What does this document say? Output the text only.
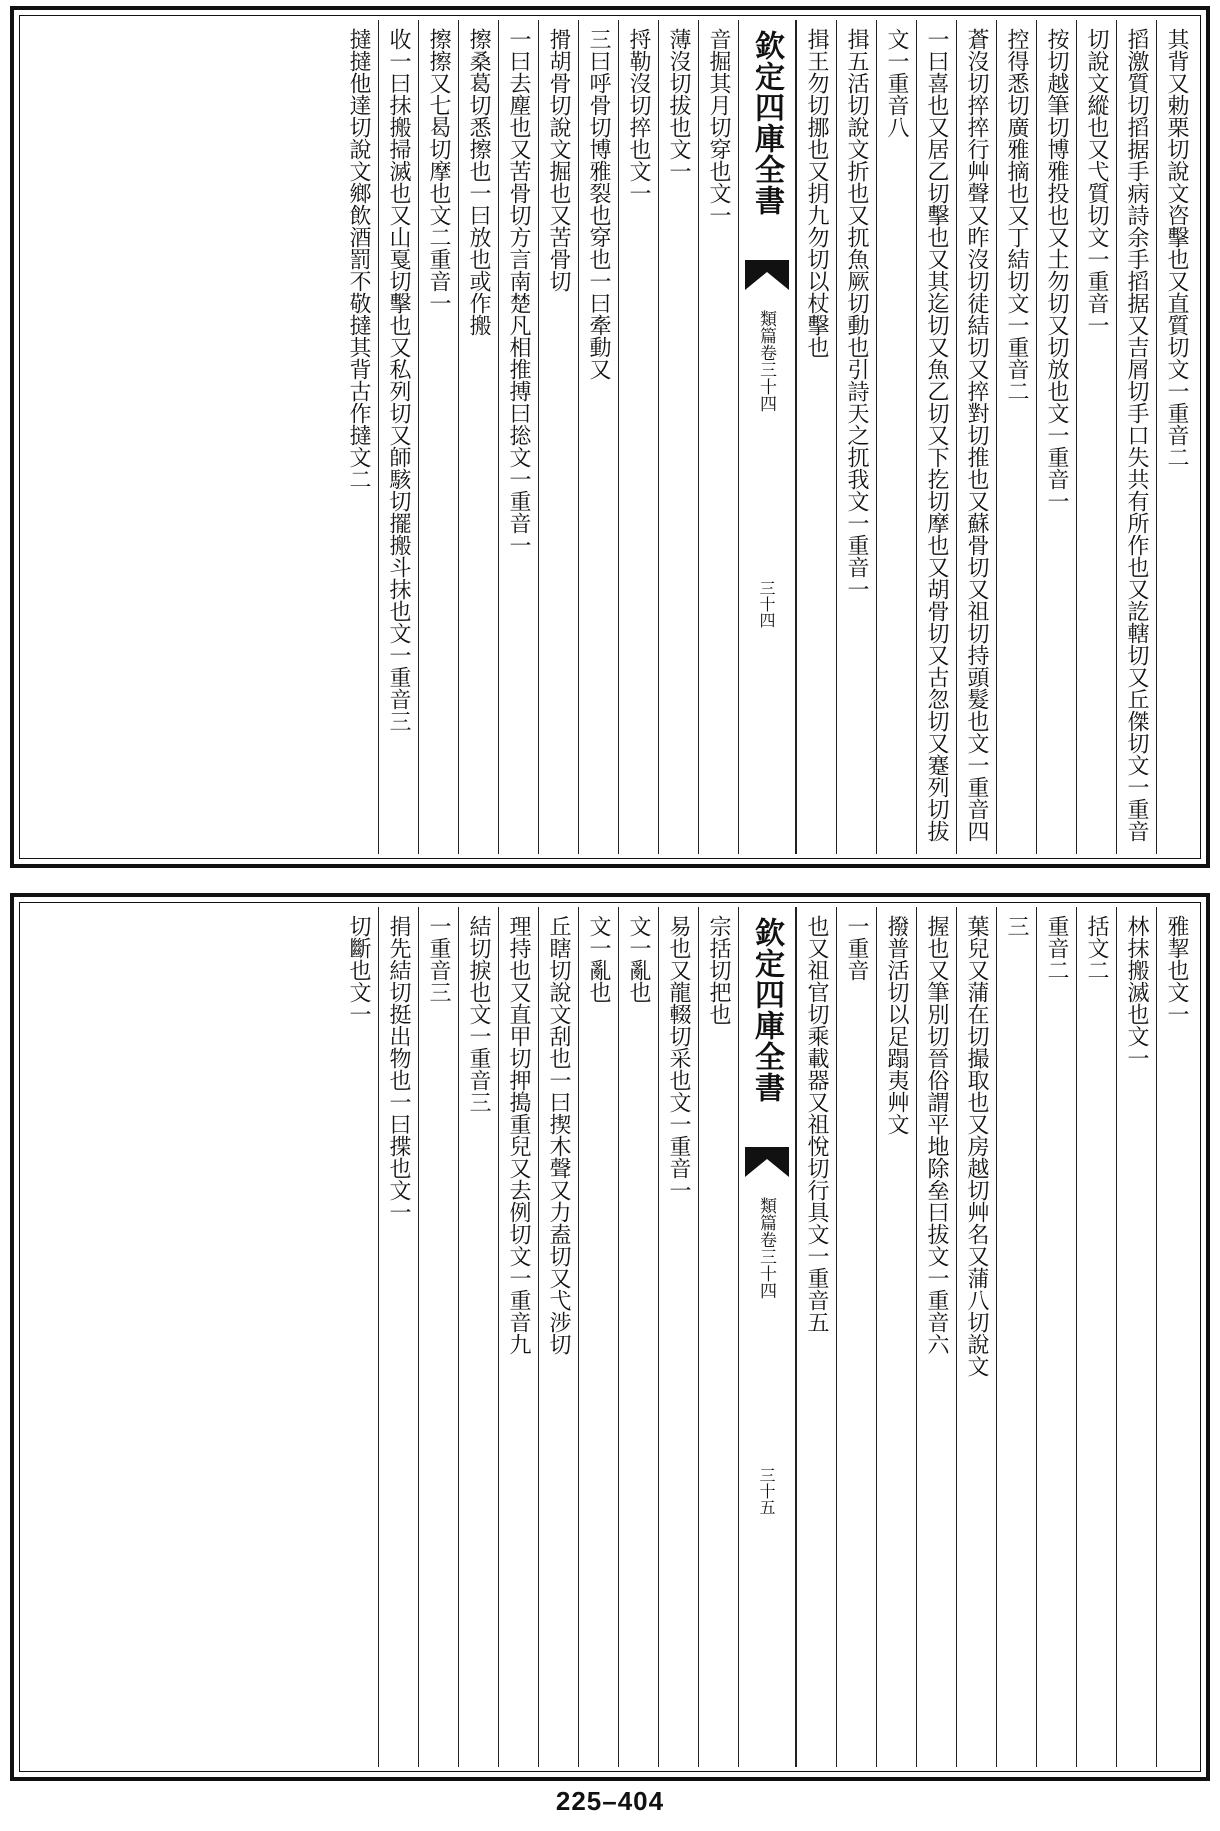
其背又勅栗切說文咨擊也又直質切文一重音二
搯激質切搯据手病詩余手搯据又吉屑切手口失共有所作也又訖轄切又丘傑切文一重音
切說文縱也又弋質切文一重音一
按切越筆切博雅投也又土勿切又切放也文一重音一
控得悉切廣雅摘也又丁結切文一重音二
蒼沒切捽捽行艸聲又昨沒切徒結切又捽對切推也又蘇骨切又祖切持頭髮也文一重音四
一曰喜也又居乙切擊也又其迄切又魚乙切又下扢切摩也又胡骨切又古忽切又蹇列切拔
文一重音八
揖五活切說文折也又扤魚厥切動也引詩天之扤我文一重音一
揖王勿切挪也又抈九勿切以杖擊也
欽定四庫全書
類篇卷三十四
三十四
音掘其月切穿也文一
薄沒切拔也文一
捋勒沒切捽也文一
三曰呼骨切博雅裂也穿也一曰牽動又
搰胡骨切說文掘也又苦骨切
一曰去塵也又苦骨切方言南楚凡相推搏曰捴文一重音一
擦桑葛切悉擦也一曰放也或作搬
擦擦又七曷切摩也文二重音一
收一曰抹搬掃滅也又山戛切擊也又私列切又師駭切擺搬斗抹也文一重音三
撻撻他達切說文鄉飲酒罰不敬撻其背古作撻文二
雅挈也文一
林抹搬滅也文一
括文二
重音二
三
葉兒又蒲在切撮取也又房越切艸名又蒲八切說文
握也又筆別切晉俗謂平地除垒曰拔文一重音六
撥普活切以足蹋夷艸文
一重音
也又祖官切乘載器又祖悅切行具文一重音五
欽定四庫全書
類篇卷三十四
三十五
宗括切把也
易也又龍輟切采也文一重音一
文一亂也
文一亂也
丘瞎切說文刮也一曰揳木聲又力盍切又弋涉切
理持也又直甲切押搗重兒又去例切文一重音九
結切捩也文一重音三
一重音三
捐先結切挺出物也一曰揲也文一
切斷也文一
225–404
